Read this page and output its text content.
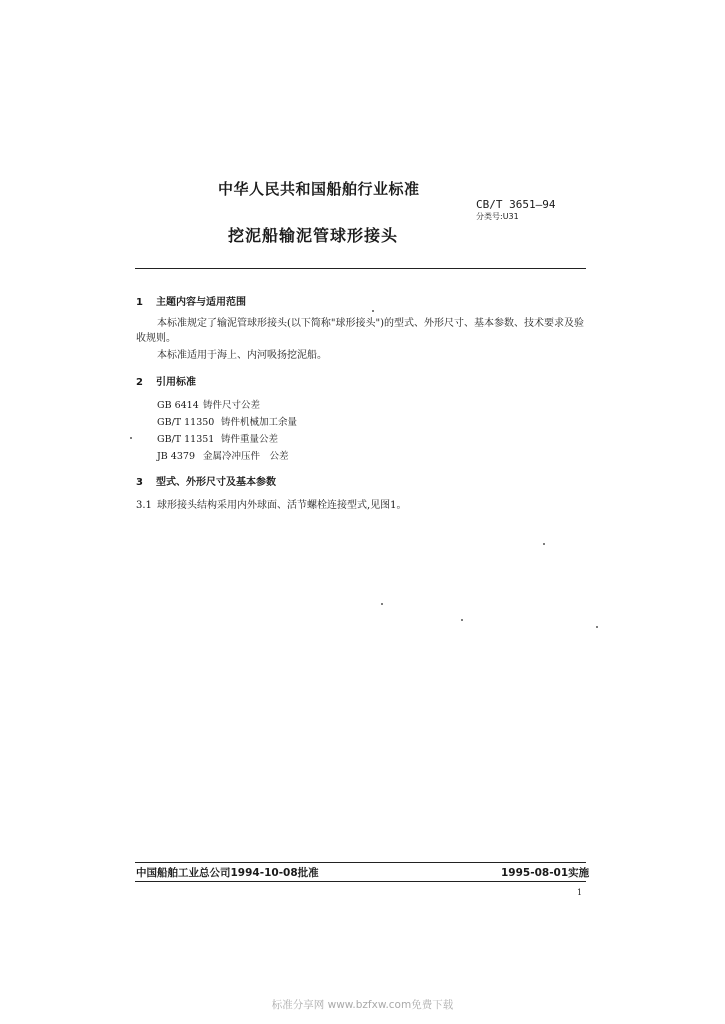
中华人民共和国船舶行业标准
CB/T 3651—94
分类号:U31
挖泥船输泥管球形接头
1 主题内容与适用范围
本标准规定了输泥管球形接头(以下简称"球形接头")的型式、外形尺寸、基本参数、技术要求及验
收规则。
本标准适用于海上、内河吸扬挖泥船。
2 引用标准
GB 6414 铸件尺寸公差
GB/T 11350 铸件机械加工余量
GB/T 11351 铸件重量公差
JB 4379 金属冷冲压件　公差
3 型式、外形尺寸及基本参数
3.1 球形接头结构采用内外球面、活节螺栓连接型式,见图1。
中国船舶工业总公司1994-10-08批准	1995-08-01实施
1
标准分享网 www.bzfxw.com免费下载
